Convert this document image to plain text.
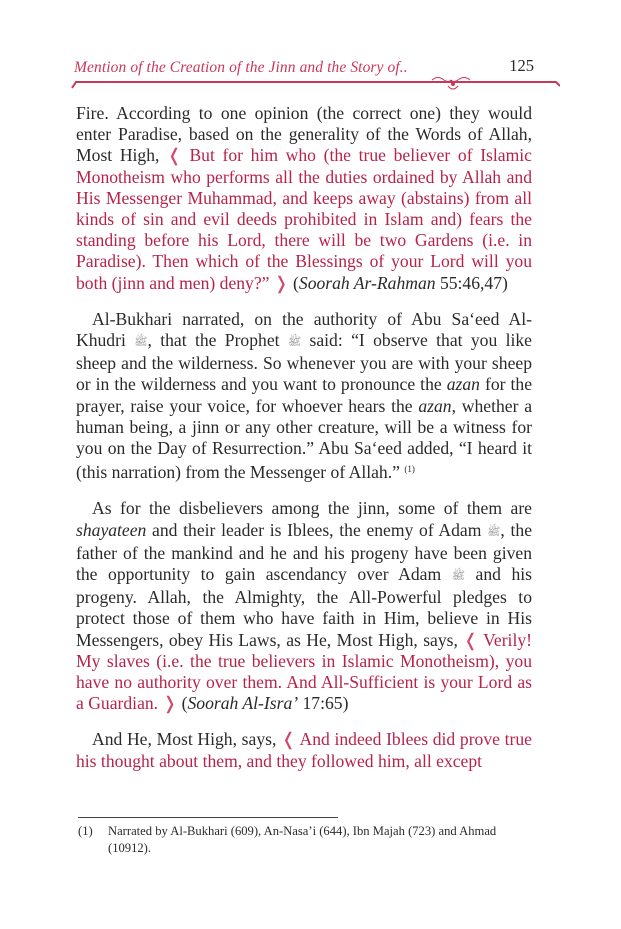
Mention of the Creation of the Jinn and the Story of..	125

Fire. According to one opinion (the correct one) they would enter Paradise, based on the generality of the Words of Allah, Most High, ❬ But for him who (the true believer of Islamic Monotheism who performs all the duties ordained by Allah and His Messenger Muhammad, and keeps away (abstains) from all kinds of sin and evil deeds prohibited in Islam and) fears the standing before his Lord, there will be two Gardens (i.e. in Paradise). Then which of the Blessings of your Lord will you both (jinn and men) deny?” ❭ (Soorah Ar-Rahman 55:46,47)

Al-Bukhari narrated, on the authority of Abu Sa‘eed Al-Khudri ﷺ, that the Prophet ﷺ said: “I observe that you like sheep and the wilderness. So whenever you are with your sheep or in the wilderness and you want to pronounce the azan for the prayer, raise your voice, for whoever hears the azan, whether a human being, a jinn or any other creature, will be a witness for you on the Day of Resurrection.” Abu Sa‘eed added, “I heard it (this narration) from the Messenger of Allah.” $^{(1)}$

As for the disbelievers among the jinn, some of them are shayateen and their leader is Iblees, the enemy of Adam ﷺ, the father of the mankind and he and his progeny have been given the opportunity to gain ascendancy over Adam ﷺ and his progeny. Allah, the Almighty, the All-Powerful pledges to protect those of them who have faith in Him, believe in His Messengers, obey His Laws, as He, Most High, says, ❬ Verily! My slaves (i.e. the true believers in Islamic Monotheism), you have no authority over them. And All-Sufficient is your Lord as a Guardian. ❭ (Soorah Al-Isra’ 17:65)

And He, Most High, says, ❬ And indeed Iblees did prove true his thought about them, and they followed him, all except

(1)	Narrated by Al-Bukhari (609), An-Nasa’i (644), Ibn Majah (723) and Ahmad (10912).
